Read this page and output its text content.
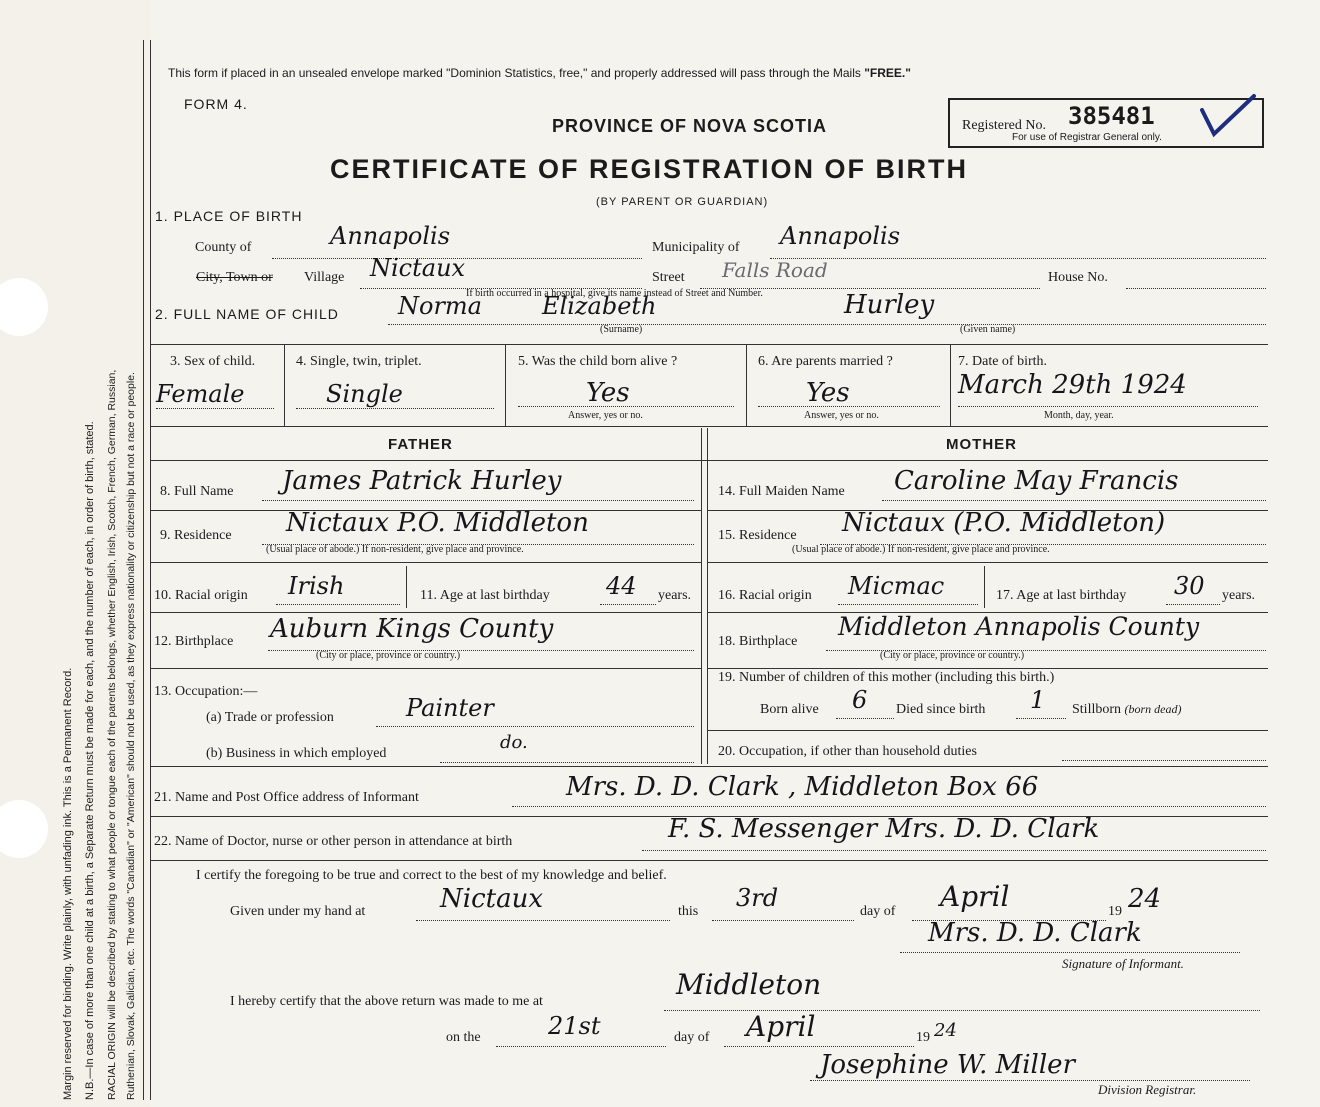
Margin reserved for binding. Write plainly, with unfading ink. This is a Permanent Record. N.B.—In case of more than one child at a birth, a Separate Return must be made for each, and the number of each, in order of birth, stated. RACIAL ORIGIN will be described by stating to what people or tongue each of the parents belongs, whether English, Irish, Scotch, French, German, Russian, Ruthenian, Slovak, Galician, etc. The words "Canadian" or "American" should not be used, as they express nationality or citizenship but not a race or people.
This form if placed in an unsealed envelope marked "Dominion Statistics, free," and properly addressed will pass through the Mails "FREE."
FORM 4.
PROVINCE OF NOVA SCOTIA
CERTIFICATE OF REGISTRATION OF BIRTH
(BY PARENT OR GUARDIAN)
Registered No. 385481
For use of Registrar General only.
1. PLACE OF BIRTH
County of	Annapolis	Municipality of Annapolis
City, Town or Village Nictaux	Street Falls Road	House No.
If birth occurred in a hospital, give its name instead of Street and Number.
2. FULL NAME OF CHILD Norma	Elizabeth	Hurley
(Surname)	(Given name)
3. Sex of child.
Female
4. Single, twin, triplet.
Single
5. Was the child born alive ?
Yes
Answer, yes or no.
6. Are parents married ?
Yes
Answer, yes or no.
7. Date of birth.
March 29th 1924
Month, day, year.
FATHER	MOTHER
8. Full Name James Patrick Hurley
9. Residence Nictaux P.O. Middleton
(Usual place of abode.) If non-resident, give place and province.
10. Racial origin Irish	11. Age at last birthday 44 years.
12. Birthplace Auburn Kings County
(City or place, province or country.)
13. Occupation:—
(a) Trade or profession	Painter
(b) Business in which employed
do.
14. Full Maiden Name Caroline May Francis
15. Residence Nictaux (P.O. Middleton)
(Usual place of abode.) If non-resident, give place and province.
16. Racial origin Micmac	17. Age at last birthday 30 years.
18. Birthplace
Middleton Annapolis County
(City or place, province or country.)
19. Number of children of this mother (including this birth.)
Born alive 6 Died since birth 1 Stillborn (born dead)
20. Occupation, if other than household duties
21. Name and Post Office address of Informant	Mrs. D. D. Clark , Middleton Box 66
22. Name of Doctor, nurse or other person in attendance at birth	F. S. Messenger Mrs. D. D. Clark
I certify the foregoing to be true and correct to the best of my knowledge and belief.
Given under my hand at	Nictaux	this 3rd	day of April	19 24
Mrs. D. D. Clark
Signature of Informant.
I hereby certify that the above return was made to me at
Middleton
on the	21st	day of April	19 24
Josephine W. Miller
Division Registrar.
